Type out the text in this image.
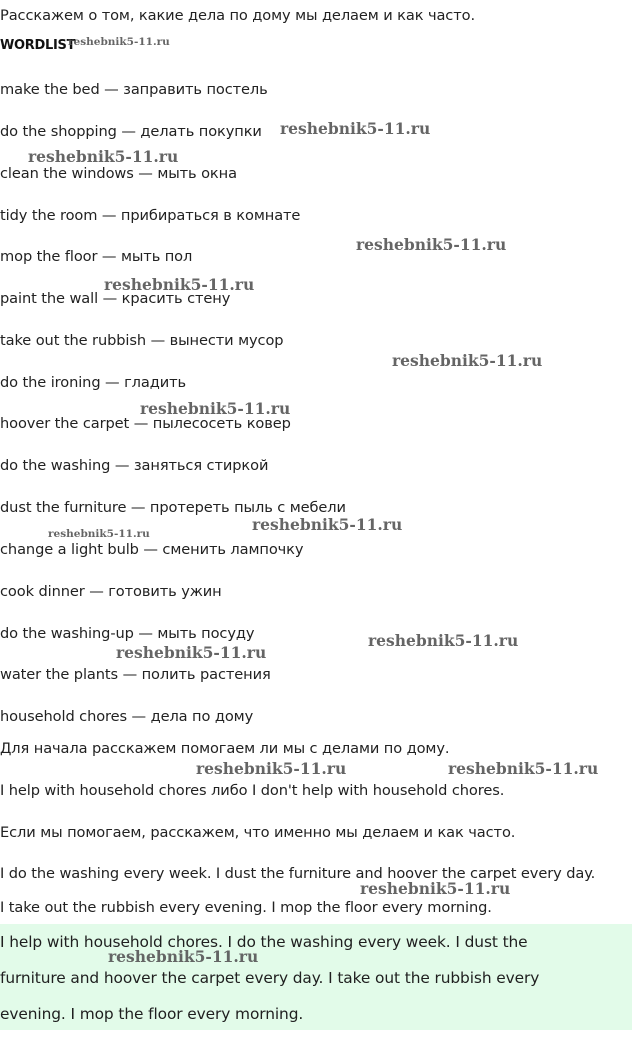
Расскажем о том, какие дела по дому мы делаем и как часто.
WORDLIST
make the bed — заправить постель
do the shopping — делать покупки
clean the windows — мыть окна
tidy the room — прибираться в комнате
mop the floor — мыть пол
paint the wall — красить стену
take out the rubbish — вынести мусор
do the ironing — гладить
hoover the carpet — пылесосеть ковер
do the washing — заняться стиркой
dust the furniture — протереть пыль с мебели
change a light bulb — сменить лампочку
cook dinner — готовить ужин
do the washing-up — мыть посуду
water the plants — полить растения
household chores — дела по дому
Для начала расскажем помогаем ли мы с делами по дому.
I help with household chores либо I don't help with household chores.
Если мы помогаем, расскажем, что именно мы делаем и как часто.
I do the washing every week. I dust the furniture and hoover the carpet every day.
I take out the rubbish every evening. I mop the floor every morning.
I help with household chores. I do the washing every week. I dust the
furniture and hoover the carpet every day. I take out the rubbish every
evening. I mop the floor every morning.
reshebnik5-11.ru
reshebnik5-11.ru
reshebnik5-11.ru
reshebnik5-11.ru
reshebnik5-11.ru
reshebnik5-11.ru
reshebnik5-11.ru
reshebnik5-11.ru	reshebnik5-11.ru
reshebnik5-11.ru
reshebnik5-11.ru
reshebnik5-11.ru	reshebnik5-11.ru
reshebnik5-11.ru
reshebnik5-11.ru
